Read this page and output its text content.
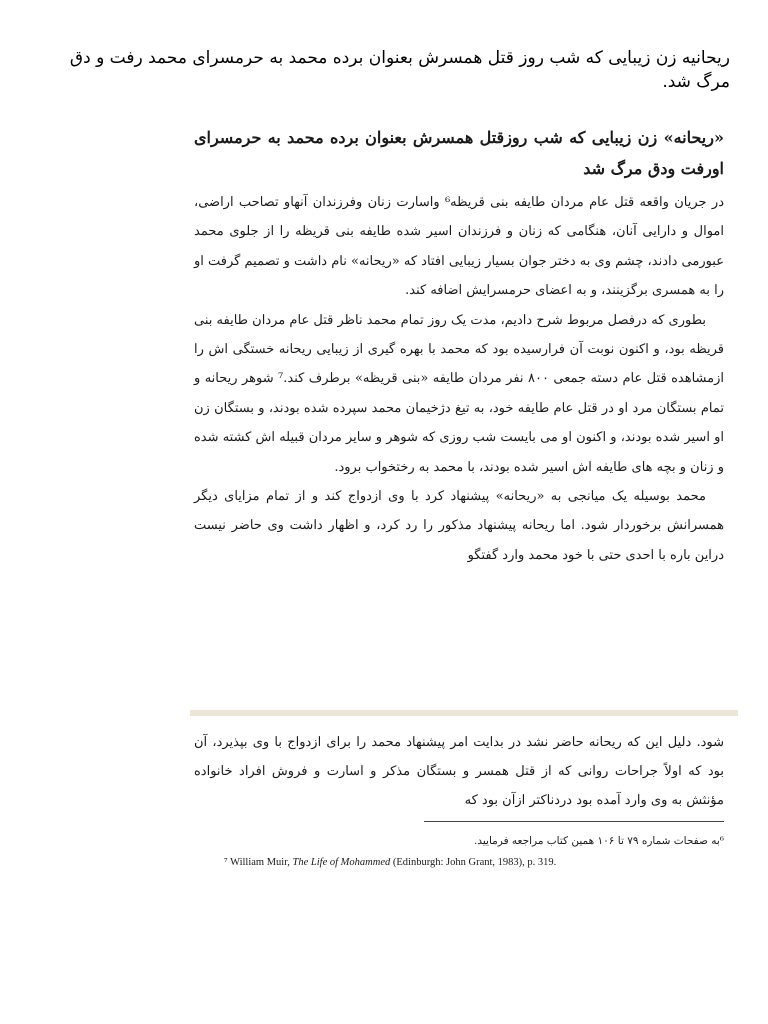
ریحانیه زن زیبایی که شب روز قتل همسرش بعنوان برده محمد به حرمسرای محمد رفت و دق مرگ شد.
«ریحانه» زن زیبایی که شب روزقتل همسرش بعنوان برده محمد به حرمسرای اورفت ودق مرگ شد

در جریان واقعه قتل عام مردان طایفه بنی قریظه⁶ واسارت زنان وفرزندان آنهاو تصاحب اراضی، اموال و دارایی آنان، هنگامی که زنان و فرزندان اسیر شده طایفه بنی قریظه را از جلوی محمد عبورمی دادند، چشم وی به دختر جوان بسیار زیبایی افتاد که «ریحانه» نام داشت و تصمیم گرفت او را به همسری برگزینند، و به اعضای حرمسرایش اضافه کند.

بطوری که درفصل مربوط شرح دادیم، مدت یک روز تمام محمد ناظر قتل عام مردان طایفه بنی قریظه بود، و اکنون نوبت آن فرارسیده بود که محمد با بهره گیری از زیبایی ریحانه خستگی اش را ازمشاهده قتل عام دسته جمعی ۸۰۰ نفر مردان طایفه «بنی قریظه» برطرف کند.⁷ شوهر ریحانه و تمام بستگان مرد او در قتل عام طایفه خود، به تیغ دژخیمان محمد سپرده شده بودند، و بستگان زن او اسیر شده بودند، و اکنون او می بایست شب روزی که شوهر و سایر مردان قبیله اش کشته شده و زنان و بچه های طایفه اش اسیر شده بودند، با محمد به رختخواب برود.

محمد بوسیله یک میانجی به «ریحانه» پیشنهاد کرد با وی ازدواج کند و از تمام مزایای دیگر همسرانش برخوردار شود. اما ریحانه پیشنهاد مذکور را رد کرد، و اظهار داشت وی حاضر نیست دراین باره با احدی حتی با خود محمد وارد گفتگو

شود. دلیل این که ریحانه حاضر نشد در بدایت امر پیشنهاد محمد را برای ازدواج با وی بپذیرد، آن بود که اولاً جراحات روانی که از قتل همسر و بستگان مذکر و اسارت و فروش افراد خانواده مؤنثش به وی وارد آمده بود دردناکتر ازآن بود که

⁶به صفحات شماره ۷۹ تا ۱۰۶ همین کتاب مراجعه فرمایید.
⁷ William Muir, The Life of Mohammed (Edinburgh: John Grant, 1983), p. 319.
